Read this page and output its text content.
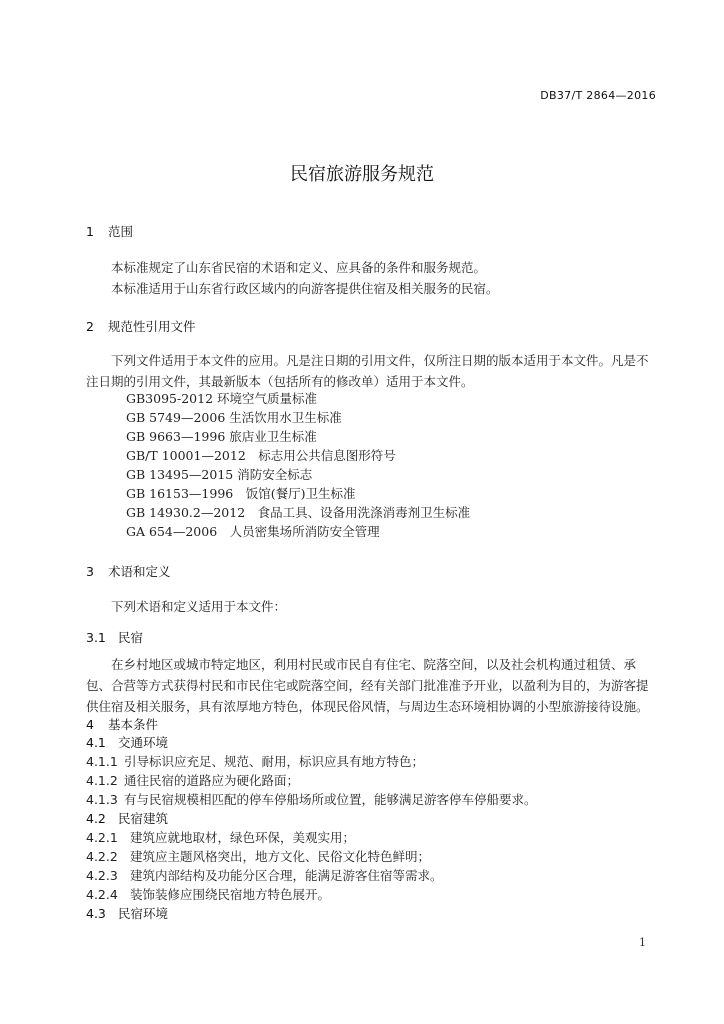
DB37/T 2864—2016
民宿旅游服务规范
1 范围

本标准规定了山东省民宿的术语和定义、应具备的条件和服务规范。

本标准适用于山东省行政区域内的向游客提供住宿及相关服务的民宿。

2 规范性引用文件

下列文件适用于本文件的应用。凡是注日期的引用文件，仅所注日期的版本适用于本文件。凡是不注日期的引用文件，其最新版本（包括所有的修改单）适用于本文件。

GB3095-2012 环境空气质量标准
GB 5749—2006 生活饮用水卫生标准
GB 9663—1996 旅店业卫生标准
GB/T 10001—2012　标志用公共信息图形符号
GB 13495—2015 消防安全标志
GB 16153—1996　饭馆(餐厅)卫生标准
GB 14930.2—2012　食品工具、设备用洗涤消毒剂卫生标准
GA 654—2006　人员密集场所消防安全管理
3 术语和定义

下列术语和定义适用于本文件：

3.1 民宿

在乡村地区或城市特定地区，利用村民或市民自有住宅、院落空间，以及社会机构通过租赁、承包、合营等方式获得村民和市民住宅或院落空间，经有关部门批准准予开业，以盈利为目的，为游客提供住宿及相关服务，具有浓厚地方特色，体现民俗风情，与周边生态环境相协调的小型旅游接待设施。

4 基本条件
4.1 交通环境
4.1.1 引导标识应充足、规范、耐用，标识应具有地方特色；
4.1.2 通往民宿的道路应为硬化路面；
4.1.3 有与民宿规模相匹配的停车停船场所或位置，能够满足游客停车停船要求。
4.2 民宿建筑
4.2.1 建筑应就地取材，绿色环保，美观实用；
4.2.2 建筑应主题风格突出，地方文化、民俗文化特色鲜明；
4.2.3 建筑内部结构及功能分区合理，能满足游客住宿等需求。
4.2.4 装饰装修应围绕民宿地方特色展开。
4.3 民宿环境
1
